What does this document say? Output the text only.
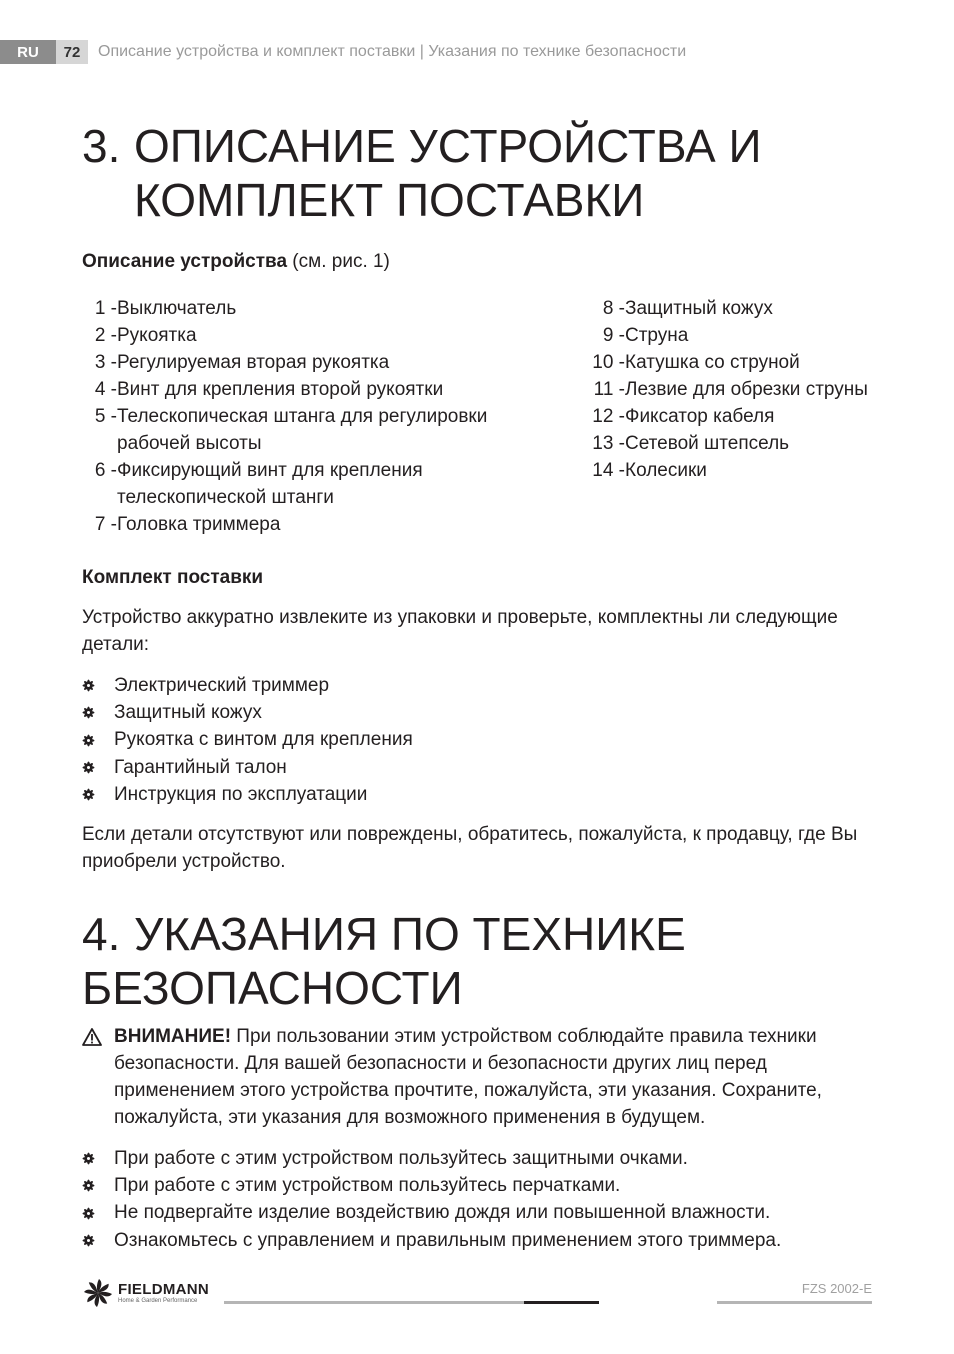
RU	72	Описание устройства и комплект поставки | Указания по технике безопасности
3. ОПИСАНИЕ УСТРОЙСТВА И
КОМПЛЕКТ ПОСТАВКИ
Описание устройства (см. рис. 1)
1 - Выключатель
2 - Рукоятка
3 - Регулируемая вторая рукоятка
4 - Винт для крепления второй рукоятки
5 - Телескопическая штанга для регулировки
рабочей высоты
6 - Фиксирующий винт для крепления
телескопической штанги
7 - Головка триммера
8 - Защитный кожух
9 - Струна
10 - Катушка со струной
11 - Лезвие для обрезки струны
12 - Фиксатор кабеля
13 - Сетевой штепсель
14 - Колесики
Комплект поставки
Устройство аккуратно извлеките из упаковки и проверьте, комплектны ли следующие детали:
Электрический триммер
Защитный кожух
Рукоятка с винтом для крепления
Гарантийный талон
Инструкция по эксплуатации
Если детали отсутствуют или повреждены, обратитесь, пожалуйста, к продавцу, где Вы приобрели устройство.
4. УКАЗАНИЯ ПО ТЕХНИКЕ
БЕЗОПАСНОСТИ
ВНИМАНИЕ! При пользовании этим устройством соблюдайте правила техники безопасности. Для вашей безопасности и безопасности других лиц перед применением этого устройства прочтите, пожалуйста, эти указания. Сохраните, пожалуйста, эти указания для возможного применения в будущем.
При работе с этим устройством пользуйтесь защитными очками.
При работе с этим устройством пользуйтесь перчатками.
Не подвергайте изделие воздействию дождя или повышенной влажности.
Ознакомьтесь с управлением и правильным применением этого триммера.
FIELDMANN
Home & Garden Performance
FZS 2002-E
